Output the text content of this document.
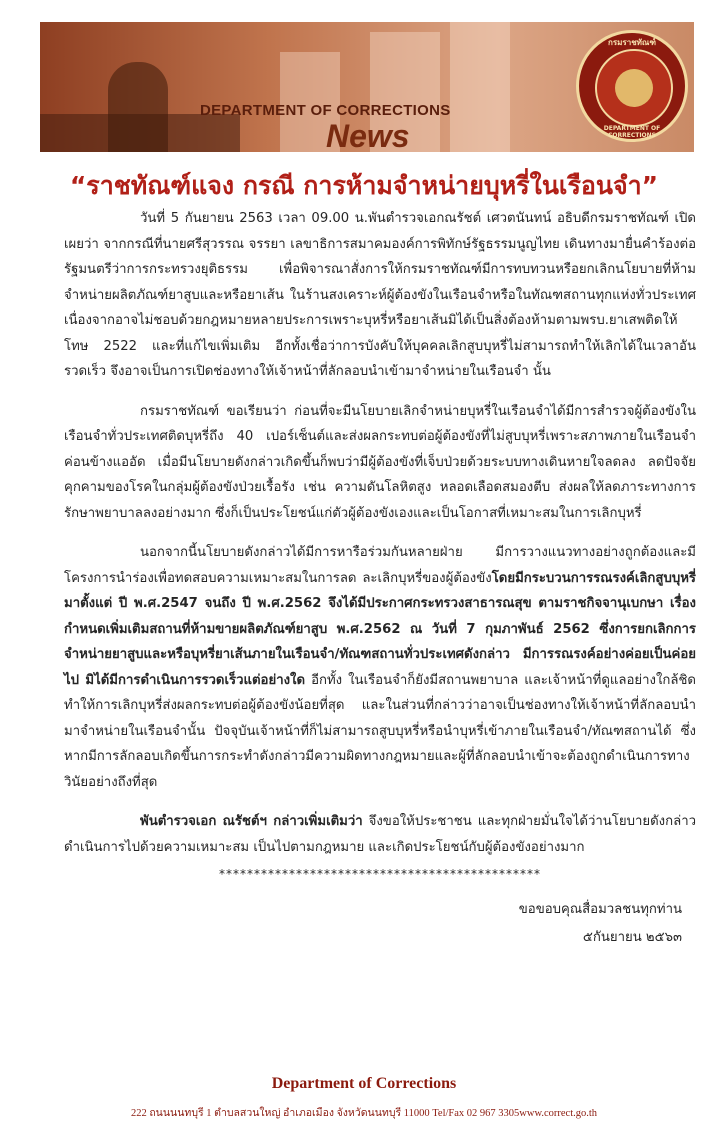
DEPARTMENT OF CORRECTIONS
News
กรมราชทัณฑ์
DEPARTMENT OF CORRECTIONS
“ราชทัณฑ์แจง กรณี การห้ามจำหน่ายบุหรี่ในเรือนจำ”

วันที่ 5 กันยายน 2563 เวลา 09.00 น.พันตำรวจเอกณรัชต์ เศวตนันทน์ อธิบดีกรมราชทัณฑ์ เปิดเผยว่า จากกรณีที่นายศรีสุวรรณ จรรยา เลขาธิการสมาคมองค์การพิทักษ์รัฐธรรมนูญไทย เดินทางมายื่นคำร้องต่อรัฐมนตรีว่าการกระทรวงยุติธรรม เพื่อพิจารณาสั่งการให้กรมราชทัณฑ์มีการทบทวนหรือยกเลิกนโยบายที่ห้ามจำหน่ายผลิตภัณฑ์ยาสูบและหรือยาเส้น ในร้านสงเคราะห์ผู้ต้องขังในเรือนจำหรือในทัณฑสถานทุกแห่งทั่วประเทศ เนื่องจากอาจไม่ชอบด้วยกฎหมายหลายประการเพราะบุหรี่หรือยาเส้นมิได้เป็นสิ่งต้องห้ามตามพรบ.ยาเสพติดให้โทษ 2522 และที่แก้ไขเพิ่มเติม อีกทั้งเชื่อว่าการบังคับให้บุคคลเลิกสูบบุหรี่ไม่สามารถทำให้เลิกได้ในเวลาอันรวดเร็ว จึงอาจเป็นการเปิดช่องทางให้เจ้าหน้าที่ลักลอบนำเข้ามาจำหน่ายในเรือนจำ นั้น

กรมราชทัณฑ์ ขอเรียนว่า ก่อนที่จะมีนโยบายเลิกจำหน่ายบุหรี่ในเรือนจำได้มีการสำรวจผู้ต้องขังในเรือนจำทั่วประเทศติดบุหรี่ถึง 40 เปอร์เซ็นต์และส่งผลกระทบต่อผู้ต้องขังที่ไม่สูบบุหรี่เพราะสภาพภายในเรือนจำค่อนข้างแออัด เมื่อมีนโยบายดังกล่าวเกิดขึ้นก็พบว่ามีผู้ต้องขังที่เจ็บป่วยด้วยระบบทางเดินหายใจลดลง ลดปัจจัยคุกคามของโรคในกลุ่มผู้ต้องขังป่วยเรื้อรัง เช่น ความดันโลหิตสูง หลอดเลือดสมองตีบ ส่งผลให้ลดภาระทางการรักษาพยาบาลลงอย่างมาก ซึ่งก็เป็นประโยชน์แก่ตัวผู้ต้องขังเองและเป็นโอกาสที่เหมาะสมในการเลิกบุหรี่

นอกจากนี้นโยบายดังกล่าวได้มีการหารือร่วมกันหลายฝ่าย มีการวางแนวทางอย่างถูกต้องและมีโครงการนำร่องเพื่อทดสอบความเหมาะสมในการลด ละเลิกบุหรี่ของผู้ต้องขังโดยมีกระบวนการรณรงค์เลิกสูบบุหรี่มาตั้งแต่ ปี พ.ศ.2547 จนถึง ปี พ.ศ.2562 จึงได้มีประกาศกระทรวงสาธารณสุข ตามราชกิจจานุเบกษา เรื่อง กำหนดเพิ่มเติมสถานที่ห้ามขายผลิตภัณฑ์ยาสูบ พ.ศ.2562 ณ วันที่ 7 กุมภาพันธ์ 2562 ซึ่งการยกเลิกการจำหน่ายยาสูบและหรือบุหรี่ยาเส้นภายในเรือนจำ/ทัณฑสถานทั่วประเทศดังกล่าว มีการรณรงค์อย่างค่อยเป็นค่อยไป มิได้มีการดำเนินการรวดเร็วแต่อย่างใด อีกทั้ง ในเรือนจำก็ยังมีสถานพยาบาล และเจ้าหน้าที่ดูแลอย่างใกล้ชิด ทำให้การเลิกบุหรี่ส่งผลกระทบต่อผู้ต้องขังน้อยที่สุด และในส่วนที่กล่าวว่าอาจเป็นช่องทางให้เจ้าหน้าที่ลักลอบนำมาจำหน่ายในเรือนจำนั้น ปัจจุบันเจ้าหน้าที่ก็ไม่สามารถสูบบุหรี่หรือนำบุหรี่เข้าภายในเรือนจำ/ทัณฑสถานได้ ซึ่งหากมีการลักลอบเกิดขึ้นการกระทำดังกล่าวมีความผิดทางกฎหมายและผู้ที่ลักลอบนำเข้าจะต้องถูกดำเนินการทางวินัยอย่างถึงที่สุด

พันตำรวจเอก ณรัชต์ฯ กล่าวเพิ่มเติมว่า จึงขอให้ประชาชน และทุกฝ่ายมั่นใจได้ว่านโยบายดังกล่าวดำเนินการไปด้วยความเหมาะสม เป็นไปตามกฎหมาย และเกิดประโยชน์กับผู้ต้องขังอย่างมาก

**********************************************
ขอขอบคุณสื่อมวลชนทุกท่าน
๕กันยายน ๒๕๖๓
Department of Corrections
222 ถนนนนทบุรี 1 ตำบลสวนใหญ่ อำเภอเมือง จังหวัดนนทบุรี 11000 Tel/Fax 02 967 3305www.correct.go.th
